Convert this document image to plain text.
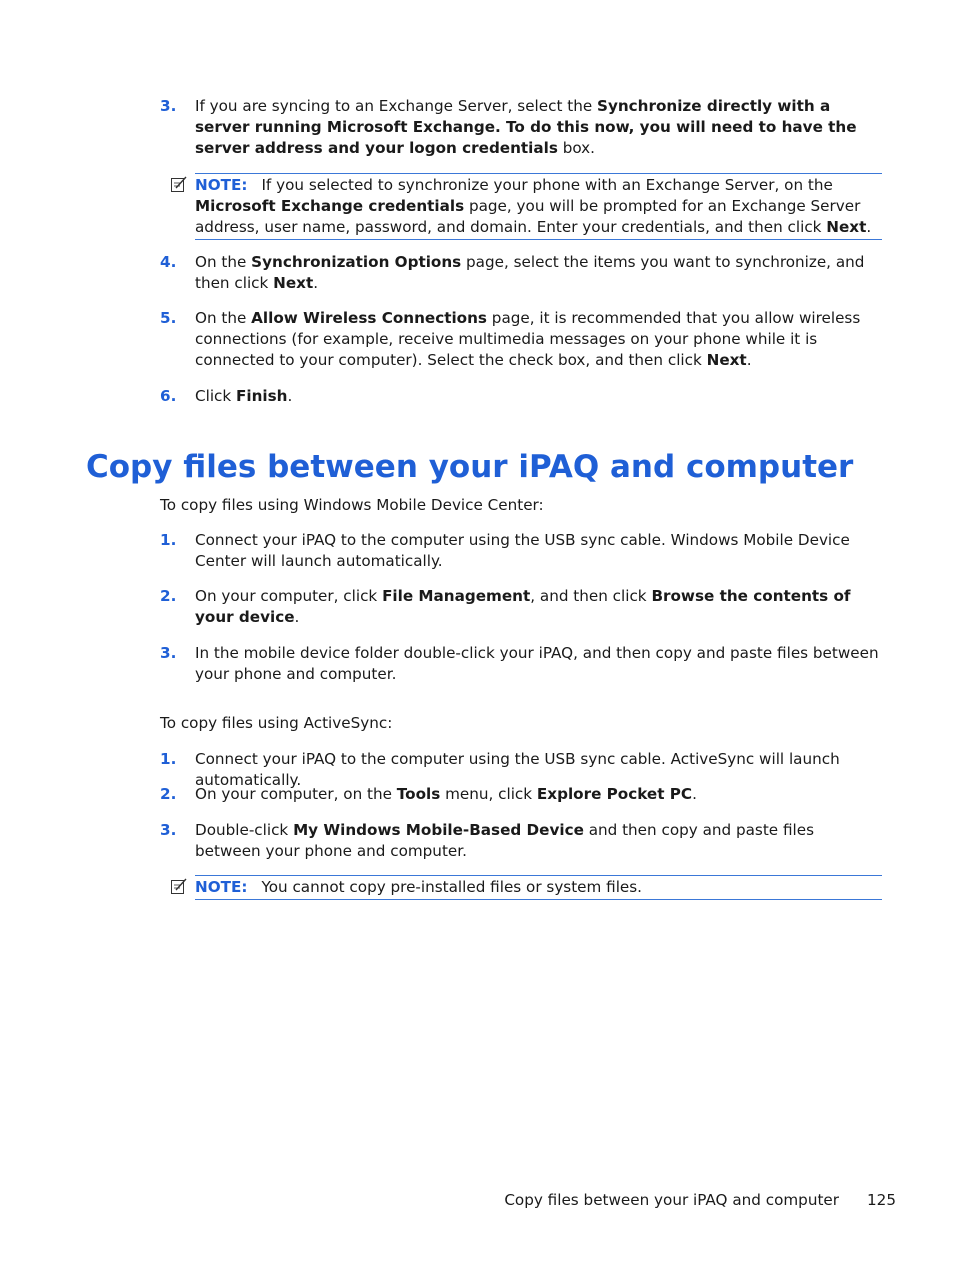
3. If you are syncing to an Exchange Server, select the Synchronize directly with a server running Microsoft Exchange. To do this now, you will need to have the server address and your logon credentials box.
NOTE: If you selected to synchronize your phone with an Exchange Server, on the Microsoft Exchange credentials page, you will be prompted for an Exchange Server address, user name, password, and domain. Enter your credentials, and then click Next.
4. On the Synchronization Options page, select the items you want to synchronize, and then click Next.
5. On the Allow Wireless Connections page, it is recommended that you allow wireless connections (for example, receive multimedia messages on your phone while it is connected to your computer). Select the check box, and then click Next.
6. Click Finish.
Copy files between your iPAQ and computer
To copy files using Windows Mobile Device Center:
1. Connect your iPAQ to the computer using the USB sync cable. Windows Mobile Device Center will launch automatically.
2. On your computer, click File Management, and then click Browse the contents of your device.
3. In the mobile device folder double-click your iPAQ, and then copy and paste files between your phone and computer.
To copy files using ActiveSync:
1. Connect your iPAQ to the computer using the USB sync cable. ActiveSync will launch automatically.
2. On your computer, on the Tools menu, click Explore Pocket PC.
3. Double-click My Windows Mobile-Based Device and then copy and paste files between your phone and computer.
NOTE: You cannot copy pre-installed files or system files.
Copy files between your iPAQ and computer 125
